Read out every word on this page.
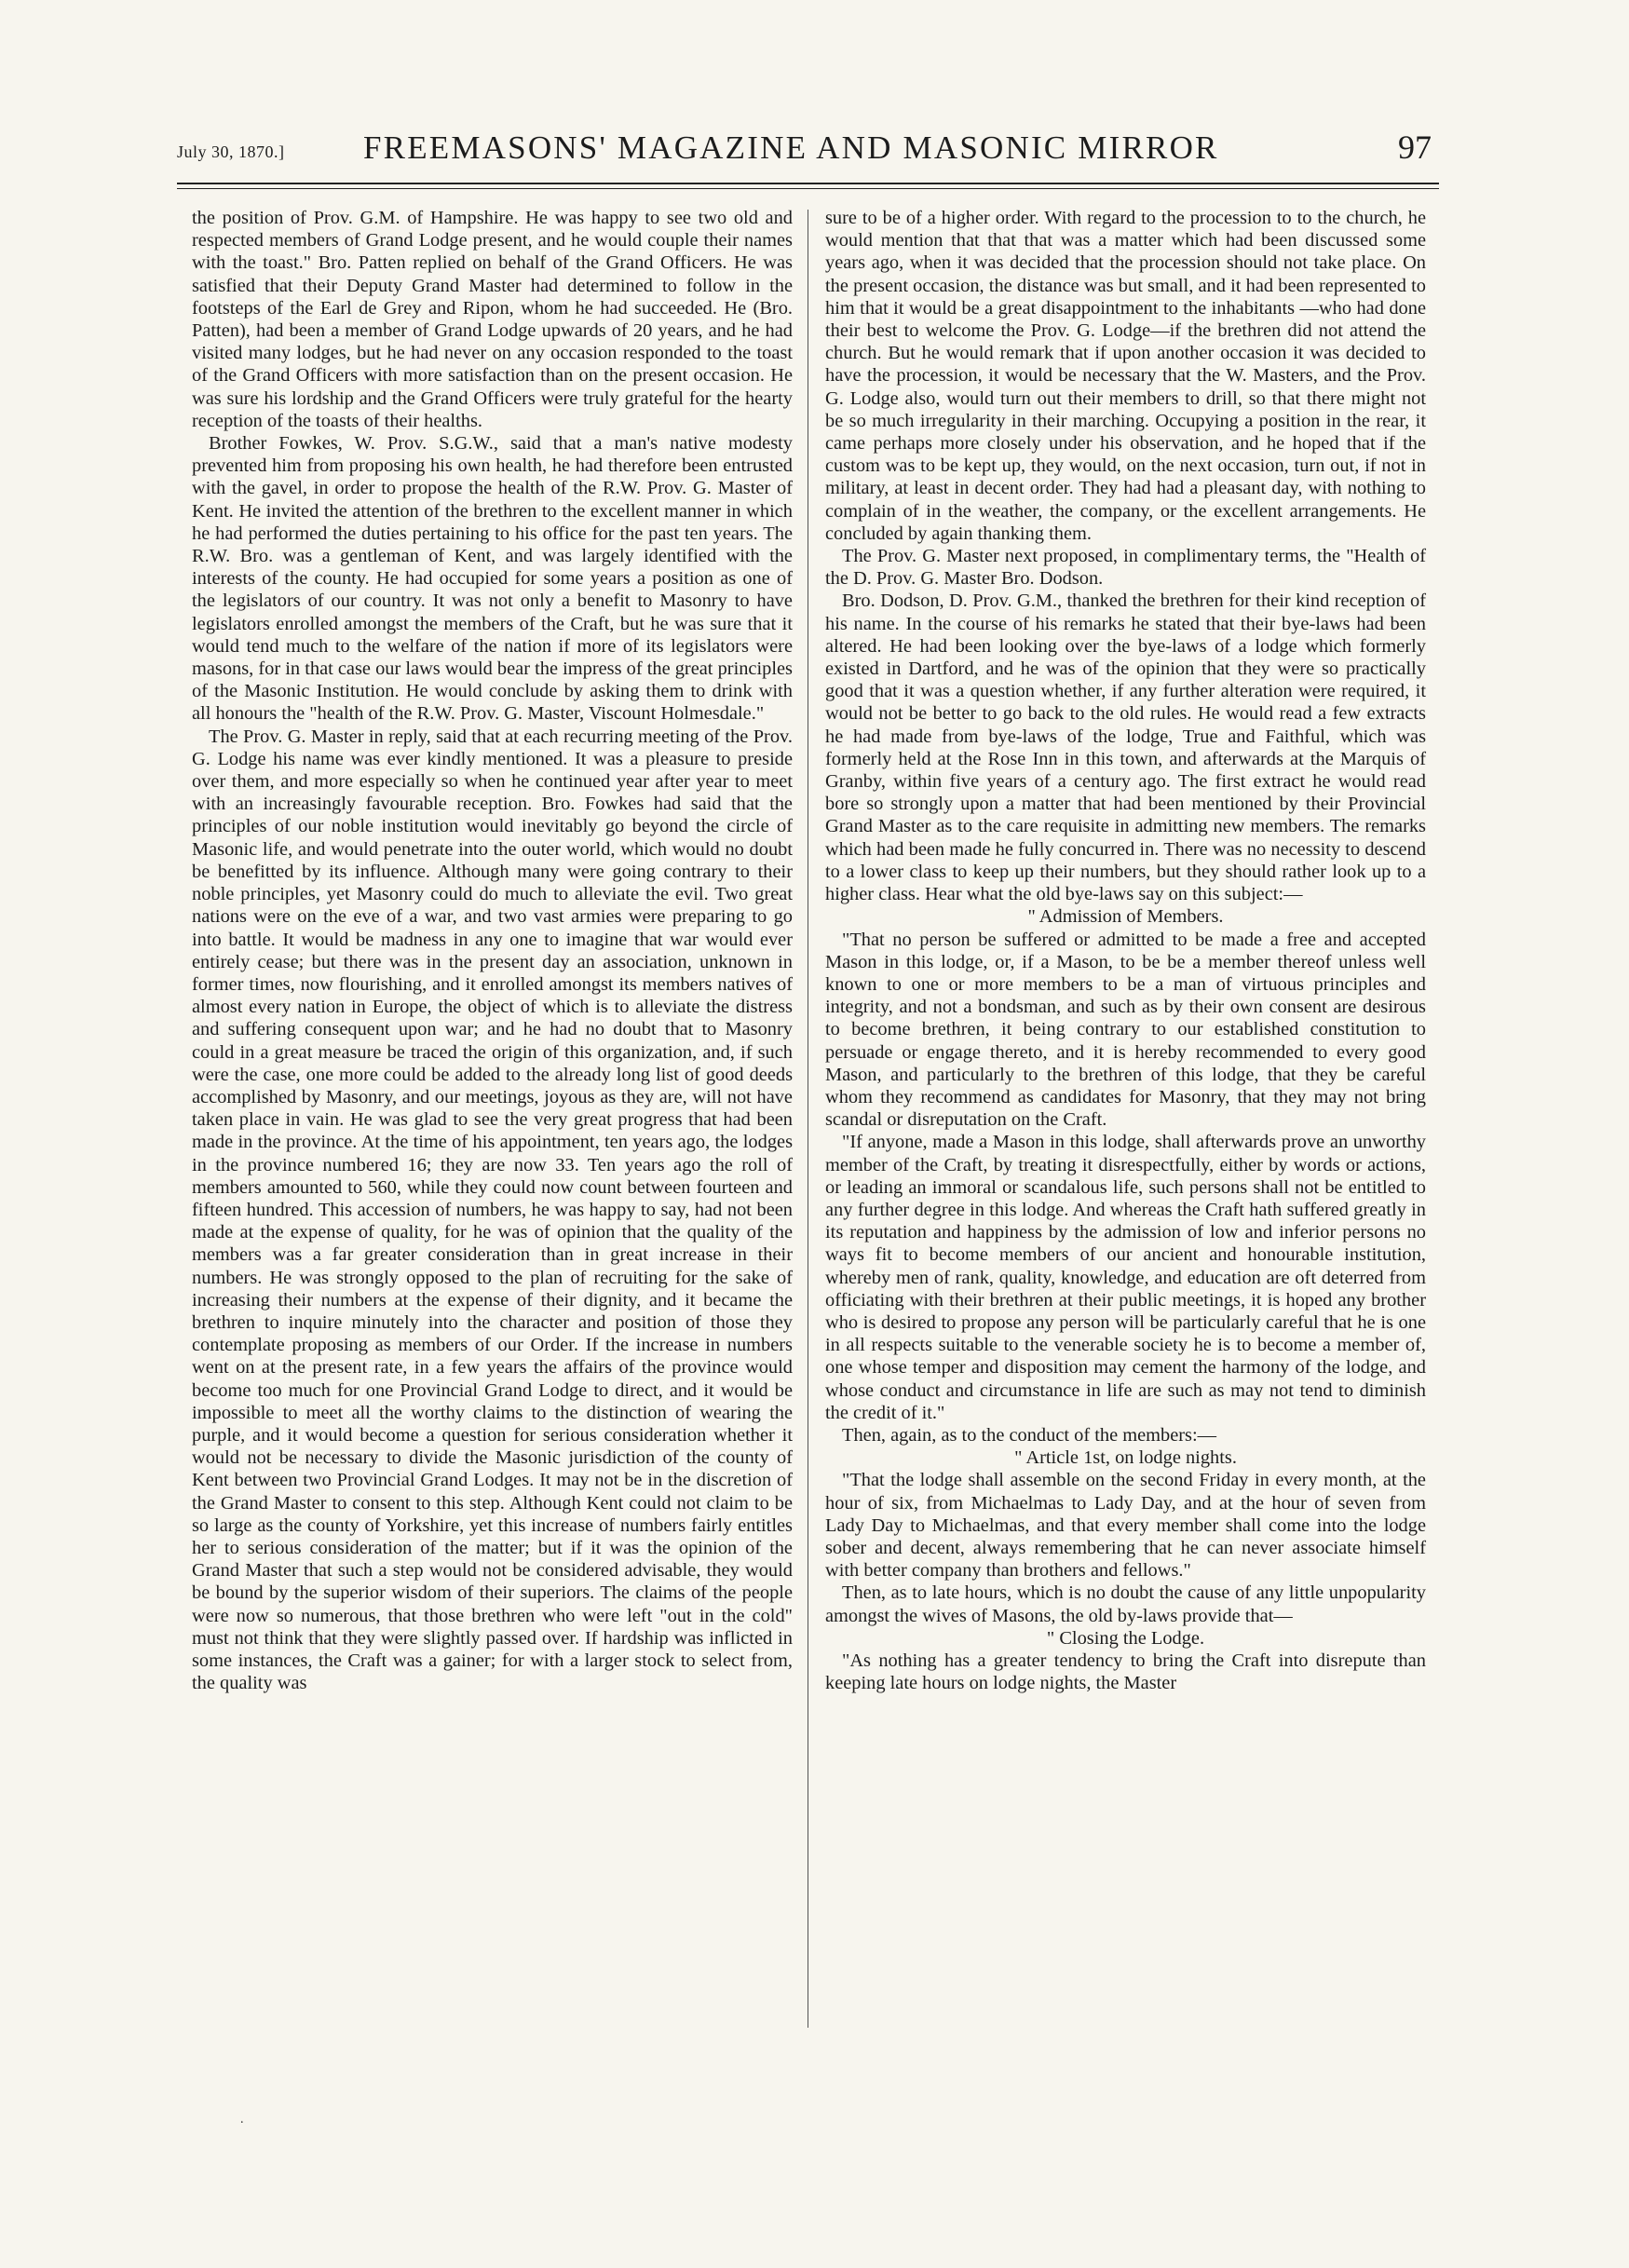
July 30, 1870.] FREEMASONS' MAGAZINE AND MASONIC MIRROR	97

the position of Prov. G.M. of Hampshire. He was happy to see two old and respected members of Grand Lodge present, and he would couple their names with the toast." Bro. Patten replied on behalf of the Grand Officers. He was satisfied that their Deputy Grand Master had determined to follow in the footsteps of the Earl de Grey and Ripon, whom he had succeeded. He (Bro. Patten), had been a member of Grand Lodge upwards of 20 years, and he had visited many lodges, but he had never on any occasion responded to the toast of the Grand Officers with more satisfaction than on the present occasion. He was sure his lordship and the Grand Officers were truly grateful for the hearty reception of the toasts of their healths.

Brother Fowkes, W. Prov. S.G.W., said that a man's native modesty prevented him from proposing his own health, he had therefore been entrusted with the gavel, in order to propose the health of the R.W. Prov. G. Master of Kent. He invited the attention of the brethren to the excellent manner in which he had performed the duties pertaining to his office for the past ten years. The R.W. Bro. was a gentleman of Kent, and was largely identified with the interests of the county. He had occupied for some years a position as one of the legislators of our country. It was not only a benefit to Masonry to have legislators enrolled amongst the members of the Craft, but he was sure that it would tend much to the welfare of the nation if more of its legislators were masons, for in that case our laws would bear the impress of the great principles of the Masonic Institution. He would conclude by asking them to drink with all honours the "health of the R.W. Prov. G. Master, Viscount Holmesdale."

The Prov. G. Master in reply, said that at each recurring meeting of the Prov. G. Lodge his name was ever kindly mentioned. It was a pleasure to preside over them, and more especially so when he continued year after year to meet with an increasingly favourable reception. Bro. Fowkes had said that the principles of our noble institution would inevitably go beyond the circle of Masonic life, and would penetrate into the outer world, which would no doubt be benefitted by its influence. Although many were going contrary to their noble principles, yet Masonry could do much to alleviate the evil. Two great nations were on the eve of a war, and two vast armies were preparing to go into battle. It would be madness in any one to imagine that war would ever entirely cease; but there was in the present day an association, unknown in former times, now flourishing, and it enrolled amongst its members natives of almost every nation in Europe, the object of which is to alleviate the distress and suffering consequent upon war; and he had no doubt that to Masonry could in a great measure be traced the origin of this organization, and, if such were the case, one more could be added to the already long list of good deeds accomplished by Masonry, and our meetings, joyous as they are, will not have taken place in vain. He was glad to see the very great progress that had been made in the province. At the time of his appointment, ten years ago, the lodges in the province numbered 16; they are now 33. Ten years ago the roll of members amounted to 560, while they could now count between fourteen and fifteen hundred. This accession of numbers, he was happy to say, had not been made at the expense of quality, for he was of opinion that the quality of the members was a far greater consideration than in great increase in their numbers. He was strongly opposed to the plan of recruiting for the sake of increasing their numbers at the expense of their dignity, and it became the brethren to inquire minutely into the character and position of those they contemplate proposing as members of our Order. If the increase in numbers went on at the present rate, in a few years the affairs of the province would become too much for one Provincial Grand Lodge to direct, and it would be impossible to meet all the worthy claims to the distinction of wearing the purple, and it would become a question for serious consideration whether it would not be necessary to divide the Masonic jurisdiction of the county of Kent between two Provincial Grand Lodges. It may not be in the discretion of the Grand Master to consent to this step. Although Kent could not claim to be so large as the county of Yorkshire, yet this increase of numbers fairly entitles her to serious consideration of the matter; but if it was the opinion of the Grand Master that such a step would not be considered advisable, they would be bound by the superior wisdom of their superiors. The claims of the people were now so numerous, that those brethren who were left "out in the cold" must not think that they were slightly passed over. If hardship was inflicted in some instances, the Craft was a gainer; for with a larger stock to select from, the quality was

sure to be of a higher order. With regard to the procession to to the church, he would mention that that that was a matter which had been discussed some years ago, when it was decided that the procession should not take place. On the present occasion, the distance was but small, and it had been represented to him that it would be a great disappointment to the inhabitants —who had done their best to welcome the Prov. G. Lodge—if the brethren did not attend the church. But he would remark that if upon another occasion it was decided to have the procession, it would be necessary that the W. Masters, and the Prov. G. Lodge also, would turn out their members to drill, so that there might not be so much irregularity in their marching. Occupying a position in the rear, it came perhaps more closely under his observation, and he hoped that if the custom was to be kept up, they would, on the next occasion, turn out, if not in military, at least in decent order. They had had a pleasant day, with nothing to complain of in the weather, the company, or the excellent arrangements. He concluded by again thanking them.

The Prov. G. Master next proposed, in complimentary terms, the "Health of the D. Prov. G. Master Bro. Dodson.

Bro. Dodson, D. Prov. G.M., thanked the brethren for their kind reception of his name. In the course of his remarks he stated that their bye-laws had been altered. He had been looking over the bye-laws of a lodge which formerly existed in Dartford, and he was of the opinion that they were so practically good that it was a question whether, if any further alteration were required, it would not be better to go back to the old rules. He would read a few extracts he had made from bye-laws of the lodge, True and Faithful, which was formerly held at the Rose Inn in this town, and afterwards at the Marquis of Granby, within five years of a century ago. The first extract he would read bore so strongly upon a matter that had been mentioned by their Provincial Grand Master as to the care requisite in admitting new members. The remarks which had been made he fully concurred in. There was no necessity to descend to a lower class to keep up their numbers, but they should rather look up to a higher class. Hear what the old bye-laws say on this subject:—

" Admission of Members.

"That no person be suffered or admitted to be made a free and accepted Mason in this lodge, or, if a Mason, to be be a member thereof unless well known to one or more members to be a man of virtuous principles and integrity, and not a bondsman, and such as by their own consent are desirous to become brethren, it being contrary to our established constitution to persuade or engage thereto, and it is hereby recommended to every good Mason, and particularly to the brethren of this lodge, that they be careful whom they recommend as candidates for Masonry, that they may not bring scandal or disreputation on the Craft.

"If anyone, made a Mason in this lodge, shall afterwards prove an unworthy member of the Craft, by treating it disrespectfully, either by words or actions, or leading an immoral or scandalous life, such persons shall not be entitled to any further degree in this lodge. And whereas the Craft hath suffered greatly in its reputation and happiness by the admission of low and inferior persons no ways fit to become members of our ancient and honourable institution, whereby men of rank, quality, knowledge, and education are oft deterred from officiating with their brethren at their public meetings, it is hoped any brother who is desired to propose any person will be particularly careful that he is one in all respects suitable to the venerable society he is to become a member of, one whose temper and disposition may cement the harmony of the lodge, and whose conduct and circumstance in life are such as may not tend to diminish the credit of it."

Then, again, as to the conduct of the members:—

" Article 1st, on lodge nights.

"That the lodge shall assemble on the second Friday in every month, at the hour of six, from Michaelmas to Lady Day, and at the hour of seven from Lady Day to Michaelmas, and that every member shall come into the lodge sober and decent, always remembering that he can never associate himself with better company than brothers and fellows."

Then, as to late hours, which is no doubt the cause of any little unpopularity amongst the wives of Masons, the old by-laws provide that—

" Closing the Lodge.

"As nothing has a greater tendency to bring the Craft into disrepute than keeping late hours on lodge nights, the Master

.
